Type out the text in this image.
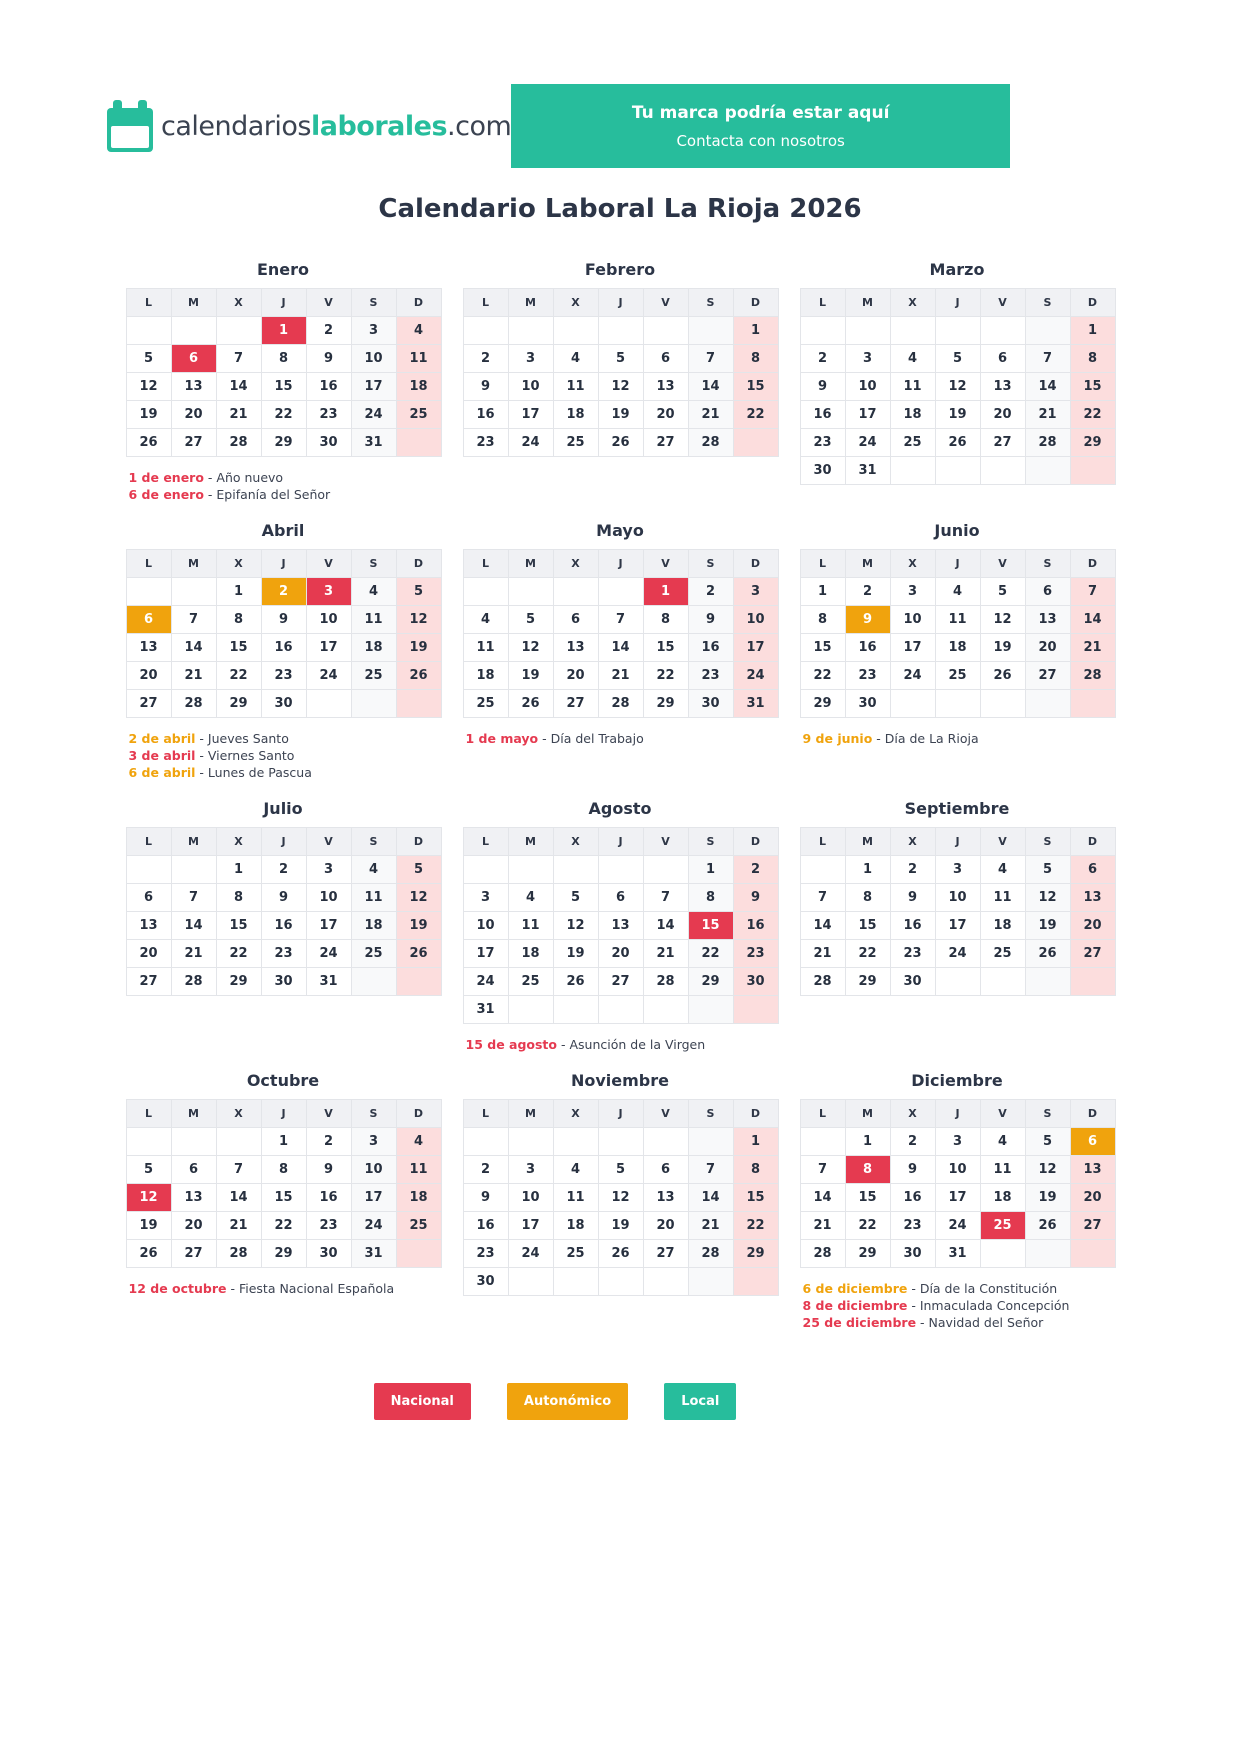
calendarioslaborales.com	Tu marca podría estar aquí
Contacta con nosotros
Calendario Laboral La Rioja 2026
Enero
L	M	X	J	V	S	D
			1	2	3	4
5	6	7	8	9	10	11
12	13	14	15	16	17	18
19	20	21	22	23	24	25
26	27	28	29	30	31	
1 de enero - Año nuevo
6 de enero - Epifanía del Señor
Febrero
L	M	X	J	V	S	D
						1
2	3	4	5	6	7	8
9	10	11	12	13	14	15
16	17	18	19	20	21	22
23	24	25	26	27	28	
Marzo
L	M	X	J	V	S	D
						1
2	3	4	5	6	7	8
9	10	11	12	13	14	15
16	17	18	19	20	21	22
23	24	25	26	27	28	29
30	31					
Abril
L	M	X	J	V	S	D
		1	2	3	4	5
6	7	8	9	10	11	12
13	14	15	16	17	18	19
20	21	22	23	24	25	26
27	28	29	30			
2 de abril - Jueves Santo
3 de abril - Viernes Santo
6 de abril - Lunes de Pascua
Mayo
L	M	X	J	V	S	D
				1	2	3
4	5	6	7	8	9	10
11	12	13	14	15	16	17
18	19	20	21	22	23	24
25	26	27	28	29	30	31
1 de mayo - Día del Trabajo
Junio
L	M	X	J	V	S	D
1	2	3	4	5	6	7
8	9	10	11	12	13	14
15	16	17	18	19	20	21
22	23	24	25	26	27	28
29	30					
9 de junio - Día de La Rioja
Julio
L	M	X	J	V	S	D
		1	2	3	4	5
6	7	8	9	10	11	12
13	14	15	16	17	18	19
20	21	22	23	24	25	26
27	28	29	30	31		
Agosto
L	M	X	J	V	S	D
					1	2
3	4	5	6	7	8	9
10	11	12	13	14	15	16
17	18	19	20	21	22	23
24	25	26	27	28	29	30
31						
15 de agosto - Asunción de la Virgen
Septiembre
L	M	X	J	V	S	D
	1	2	3	4	5	6
7	8	9	10	11	12	13
14	15	16	17	18	19	20
21	22	23	24	25	26	27
28	29	30				
Octubre
L	M	X	J	V	S	D
			1	2	3	4
5	6	7	8	9	10	11
12	13	14	15	16	17	18
19	20	21	22	23	24	25
26	27	28	29	30	31	
12 de octubre - Fiesta Nacional Española
Noviembre
L	M	X	J	V	S	D
						1
2	3	4	5	6	7	8
9	10	11	12	13	14	15
16	17	18	19	20	21	22
23	24	25	26	27	28	29
30						
Diciembre
L	M	X	J	V	S	D
	1	2	3	4	5	6
7	8	9	10	11	12	13
14	15	16	17	18	19	20
21	22	23	24	25	26	27
28	29	30	31			
6 de diciembre - Día de la Constitución
8 de diciembre - Inmaculada Concepción
25 de diciembre - Navidad del Señor
Nacional	Autonómico	Local
